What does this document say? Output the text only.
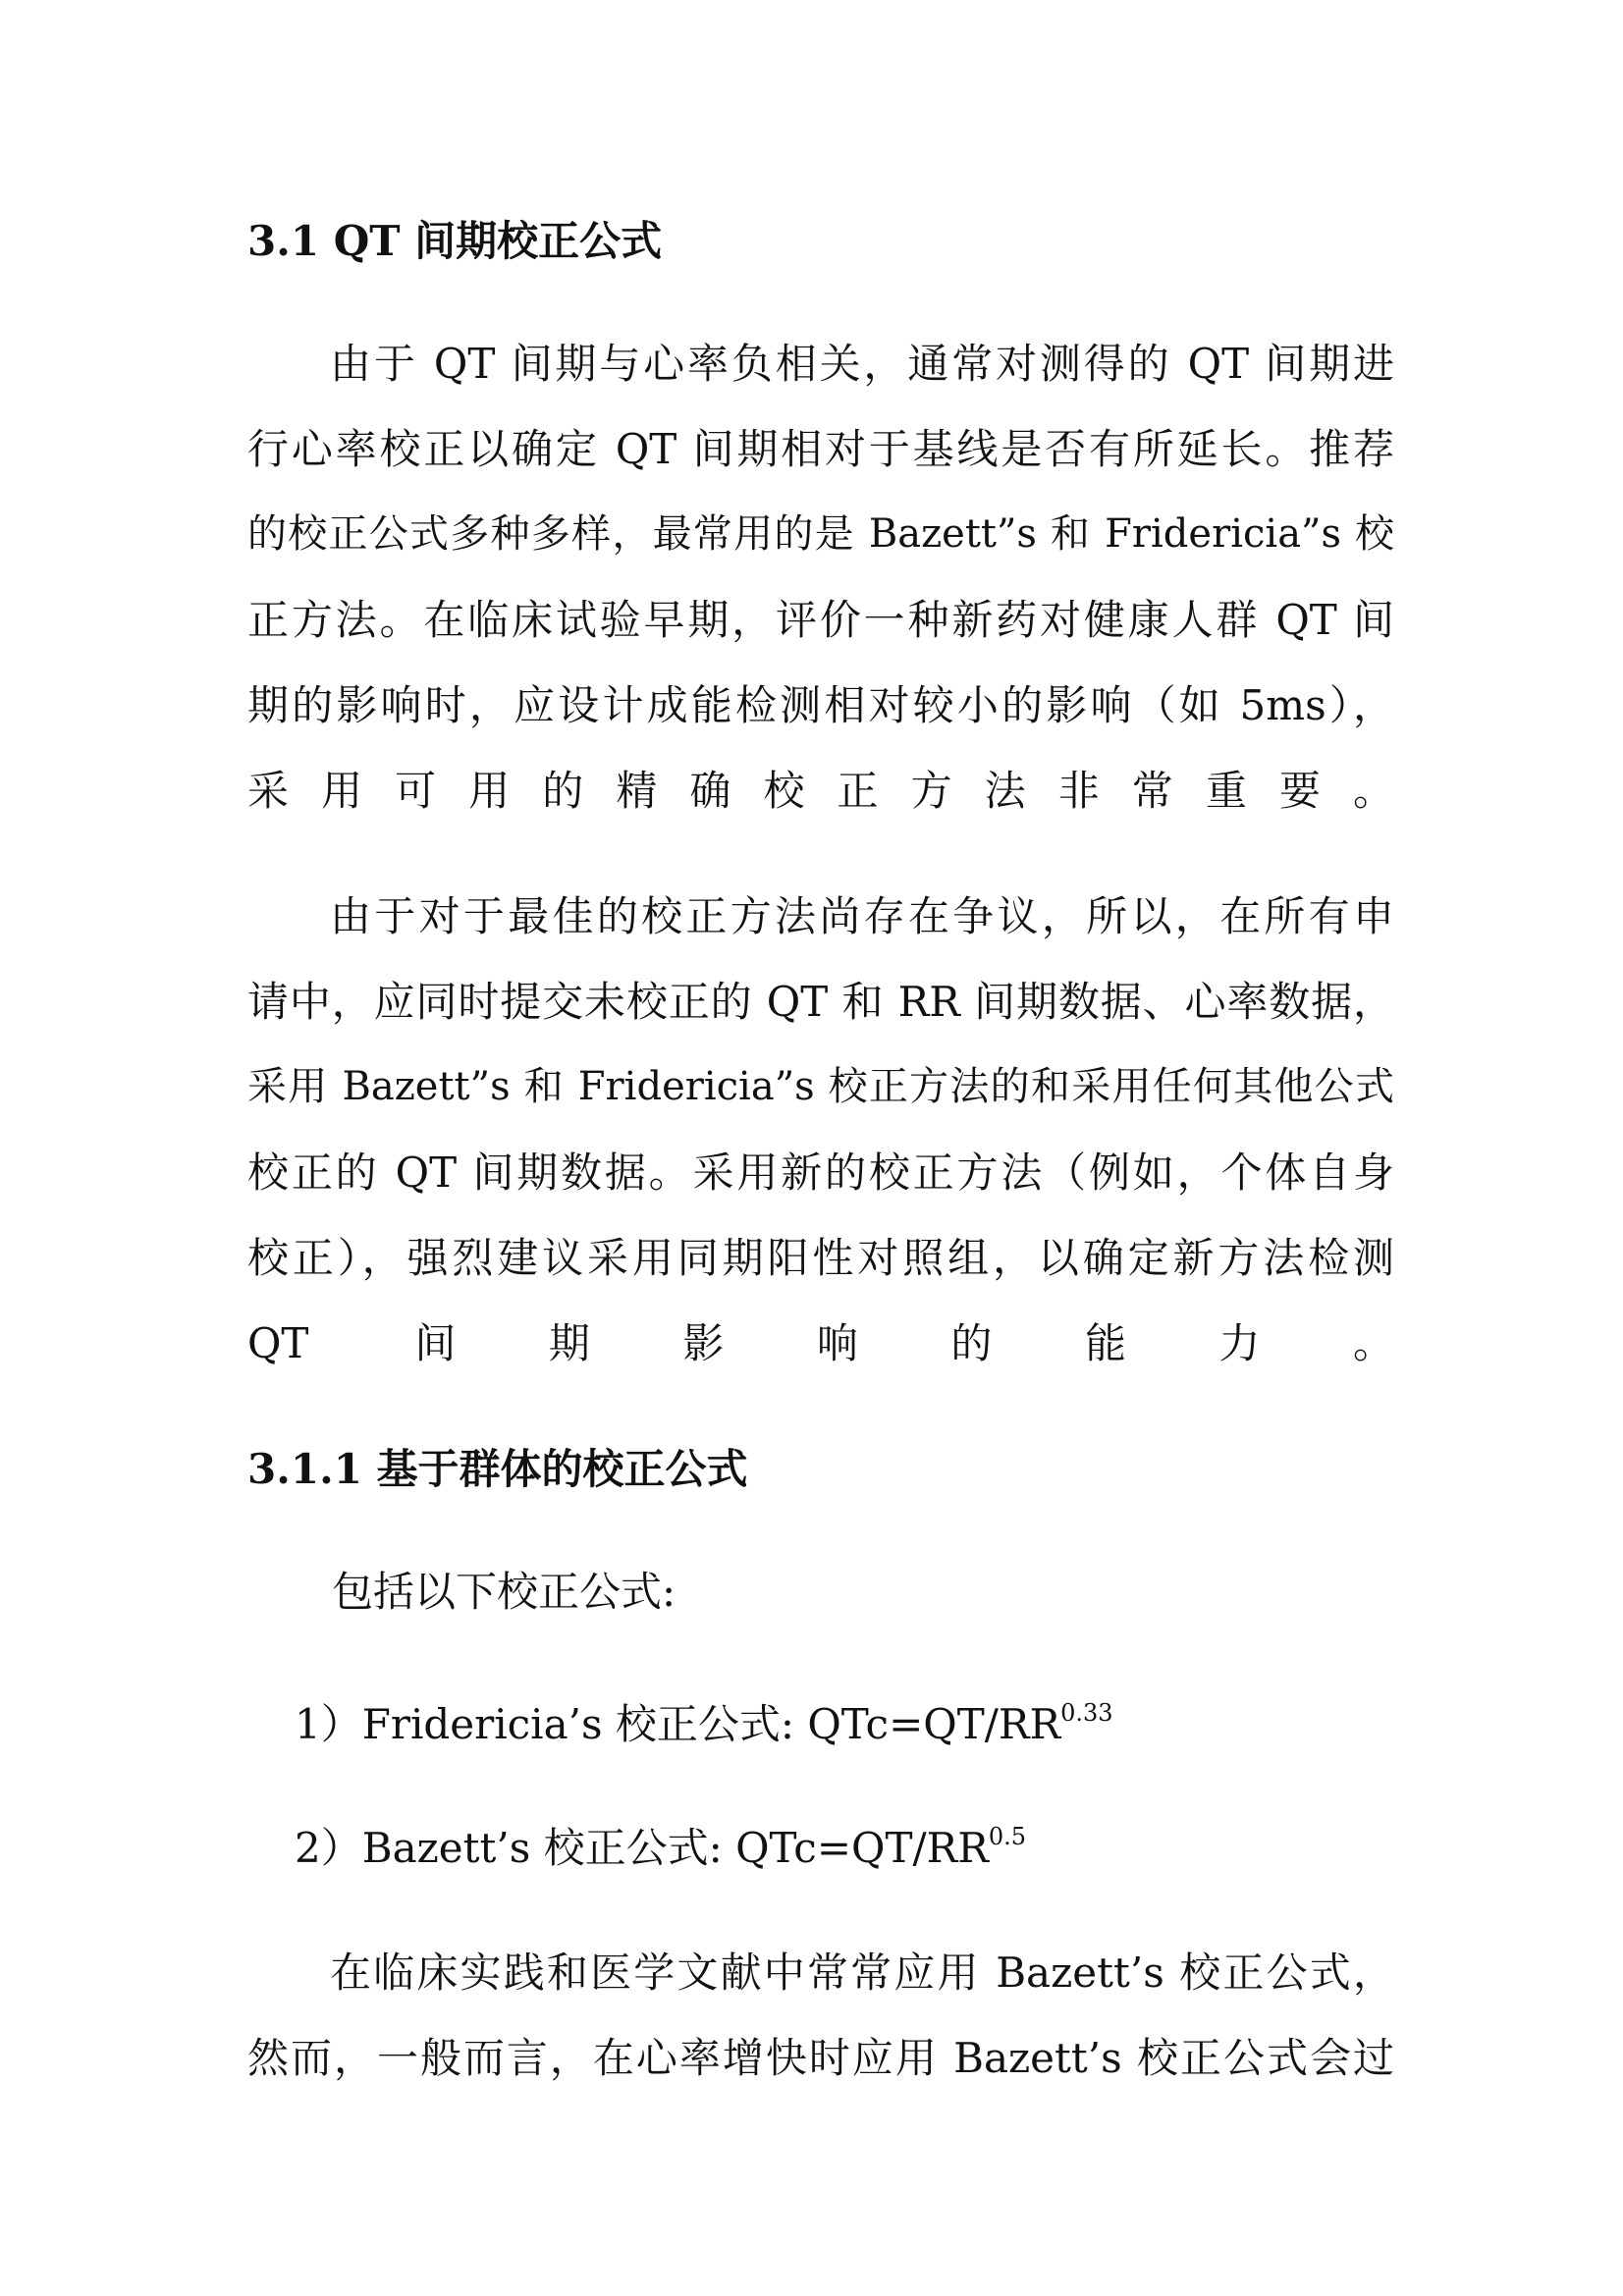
3.1 QT 间期校正公式
由于 QT 间期与心率负相关，通常对测得的 QT 间期进
行心率校正以确定 QT 间期相对于基线是否有所延长。推荐
的校正公式多种多样，最常用的是 Bazett”s 和 Fridericia”s 校
正方法。在临床试验早期，评价一种新药对健康人群 QT 间
期的影响时，应设计成能检测相对较小的影响（如 5ms），
采用可用的精确校正方法非常重要。
由于对于最佳的校正方法尚存在争议，所以，在所有申
请中，应同时提交未校正的 QT 和 RR 间期数据、心率数据，
采用 Bazett”s 和 Fridericia”s 校正方法的和采用任何其他公式
校正的 QT 间期数据。采用新的校正方法（例如，个体自身
校正），强烈建议采用同期阳性对照组，以确定新方法检测
QT 间期影响的能力。
3.1.1 基于群体的校正公式

包括以下校正公式:

1）Fridericia’s 校正公式: $QTc=QT/RR^{0.33}$

2）Bazett’s 校正公式: $QTc=QT/RR^{0.5}$

在临床实践和医学文献中常常应用 Bazett’s 校正公式，
然而，一般而言，在心率增快时应用 Bazett’s 校正公式会过
